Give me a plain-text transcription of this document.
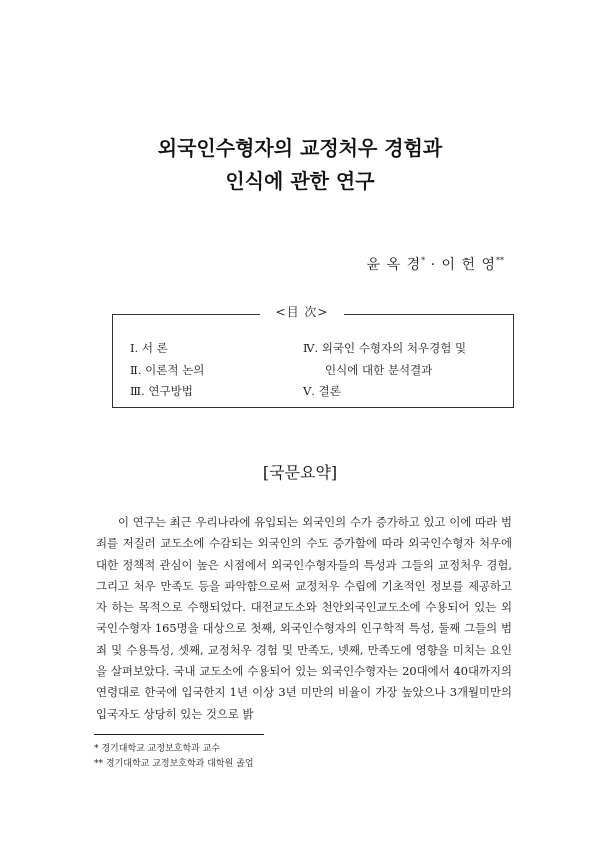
외국인수형자의 교정처우 경험과
인식에 관한 연구
윤 옥 경* · 이 헌 영**
<目 次>
Ⅰ. 서 론
Ⅱ. 이론적 논의
Ⅲ. 연구방법
Ⅳ. 외국인 수형자의 처우경험 및
인식에 대한 분석결과
Ⅴ. 결론
[국문요약]

이 연구는 최근 우리나라에 유입되는 외국인의 수가 증가하고 있고 이에 따라 범죄를 저질러 교도소에 수감되는 외국인의 수도 증가함에 따라 외국인수형자 처우에 대한 정책적 관심이 높은 시점에서 외국인수형자들의 특성과 그들의 교정처우 경험, 그리고 처우 만족도 등을 파악함으로써 교정처우 수립에 기초적인 정보를 제공하고자 하는 목적으로 수행되었다. 대전교도소와 천안외국인교도소에 수용되어 있는 외국인수형자 165명을 대상으로 첫째, 외국인수형자의 인구학적 특성, 둘째 그들의 범죄 및 수용특성, 셋째, 교정처우 경험 및 만족도, 넷째, 만족도에 영향을 미치는 요인을 살펴보았다. 국내 교도소에 수용되어 있는 외국인수형자는 20대에서 40대까지의 연령대로 한국에 입국한지 1년 이상 3년 미만의 비율이 가장 높았으나 3개월미만의 입국자도 상당히 있는 것으로 밝

* 경기대학교 교정보호학과 교수
** 경기대학교 교정보호학과 대학원 졸업
